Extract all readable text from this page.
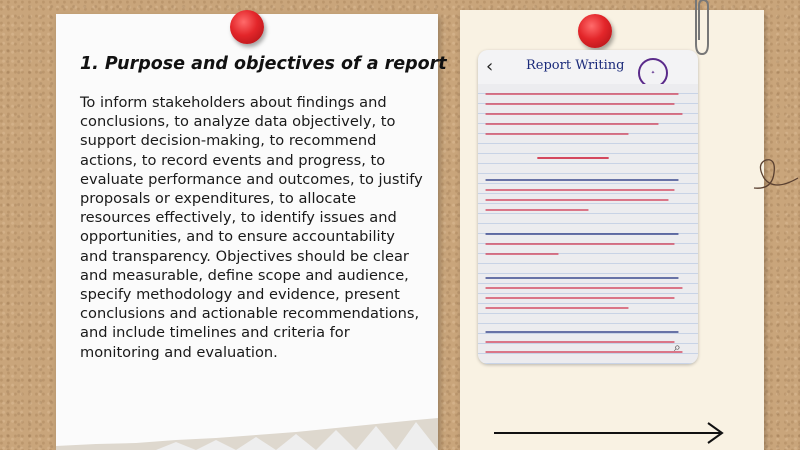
1. Purpose and objectives of a report
To inform stakeholders about findings and conclusions, to analyze data objectively, to support decision-making, to recommend actions, to record events and progress, to evaluate performance and outcomes, to justify proposals or expenditures, to allocate resources effectively, to identify issues and opportunities, and to ensure accountability and transparency. Objectives should be clear and measurable, define scope and audience, specify methodology and evidence, present conclusions and actionable recommendations, and include timelines and criteria for monitoring and evaluation.
‹	Report Writing	✦
⌕
